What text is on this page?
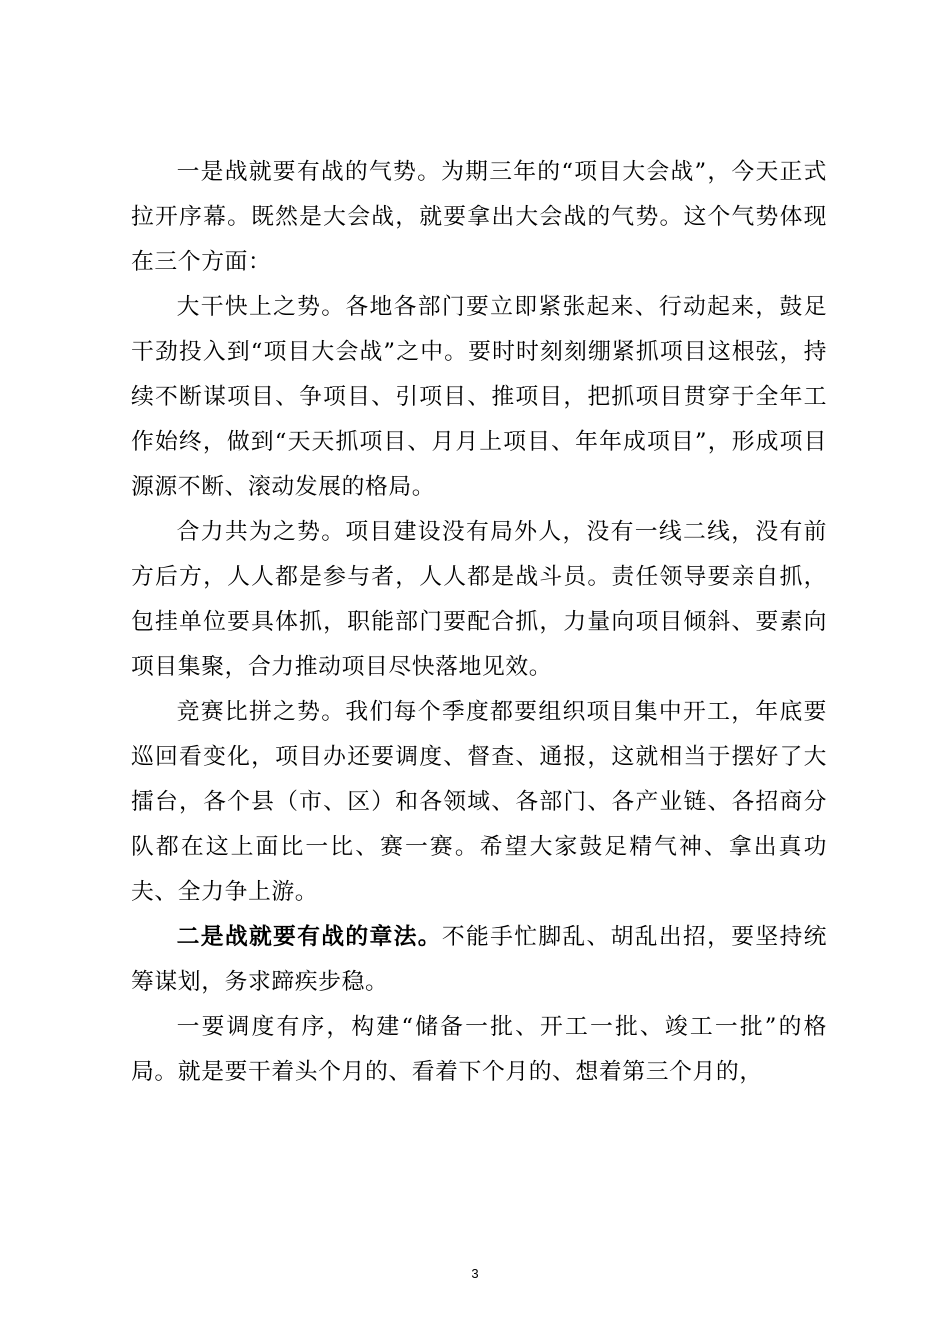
一是战就要有战的气势。为期三年的“项目大会战”，今天正式拉开序幕。既然是大会战，就要拿出大会战的气势。这个气势体现在三个方面：

大干快上之势。各地各部门要立即紧张起来、行动起来，鼓足干劲投入到“项目大会战”之中。要时时刻刻绷紧抓项目这根弦，持续不断谋项目、争项目、引项目、推项目，把抓项目贯穿于全年工作始终，做到“天天抓项目、月月上项目、年年成项目”，形成项目源源不断、滚动发展的格局。

合力共为之势。项目建设没有局外人，没有一线二线，没有前方后方，人人都是参与者，人人都是战斗员。责任领导要亲自抓，包挂单位要具体抓，职能部门要配合抓，力量向项目倾斜、要素向项目集聚，合力推动项目尽快落地见效。

竞赛比拼之势。我们每个季度都要组织项目集中开工，年底要巡回看变化，项目办还要调度、督查、通报，这就相当于摆好了大擂台，各个县（市、区）和各领域、各部门、各产业链、各招商分队都在这上面比一比、赛一赛。希望大家鼓足精气神、拿出真功夫、全力争上游。

二是战就要有战的章法。不能手忙脚乱、胡乱出招，要坚持统筹谋划，务求蹄疾步稳。

一要调度有序，构建“储备一批、开工一批、竣工一批”的格局。就是要干着头个月的、看着下个月的、想着第三个月的，

3
